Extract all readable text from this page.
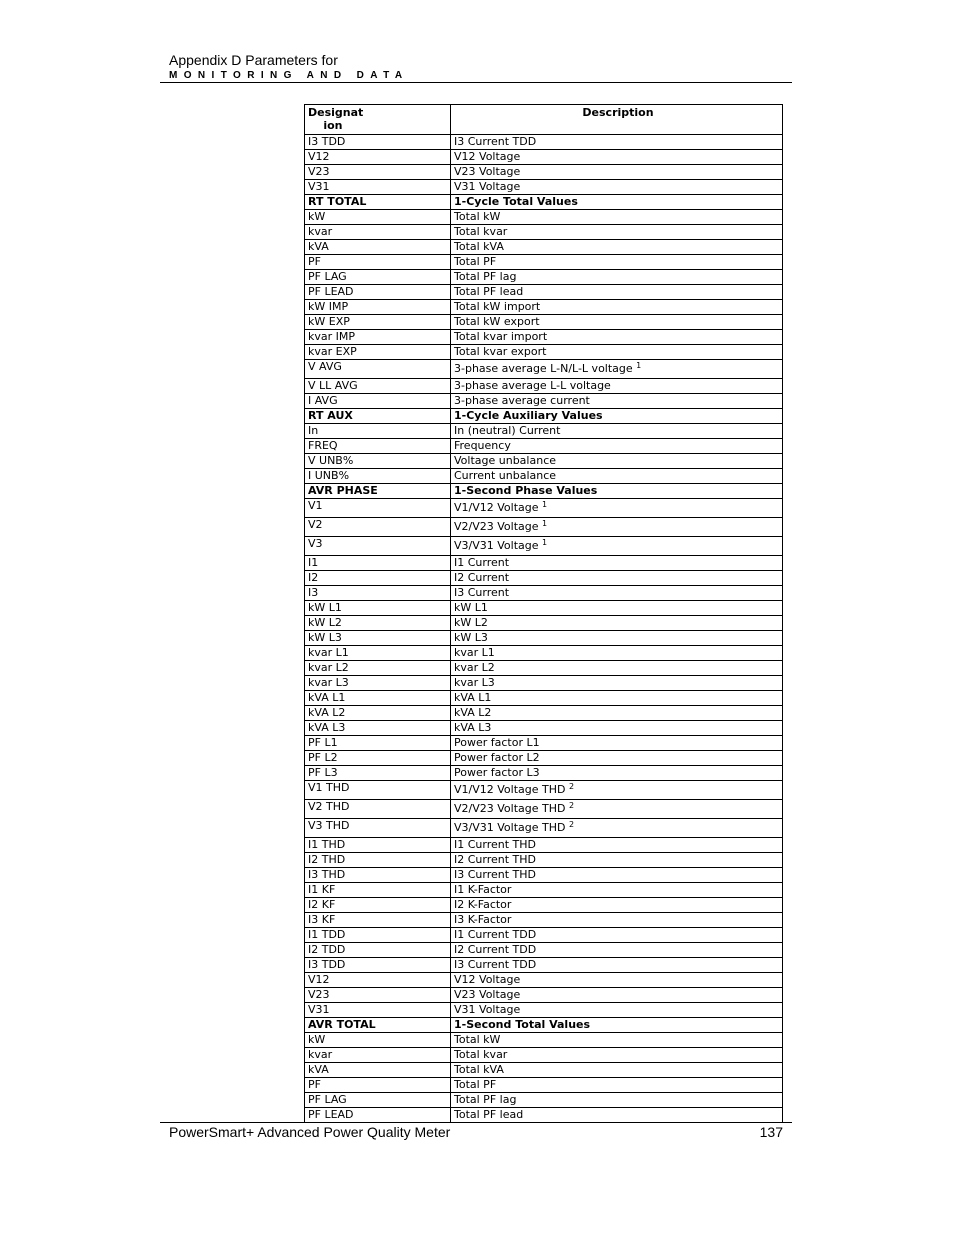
Appendix D Parameters for
MONITORING AND DATA
Designat
ion	Description
I3 TDD	I3 Current TDD
V12	V12 Voltage
V23	V23 Voltage
V31	V31 Voltage
RT TOTAL	1-Cycle Total Values
kW	Total kW
kvar	Total kvar
kVA	Total kVA
PF	Total PF
PF LAG	Total PF lag
PF LEAD	Total PF lead
kW IMP	Total kW import
kW EXP	Total kW export
kvar IMP	Total kvar import
kvar EXP	Total kvar export
V AVG	3-phase average L-N/L-L voltage $^1$
V LL AVG	3-phase average L-L voltage
I AVG	3-phase average current
RT AUX	1-Cycle Auxiliary Values
In	In (neutral) Current
FREQ	Frequency
V UNB%	Voltage unbalance
I UNB%	Current unbalance
AVR PHASE	1-Second Phase Values
V1	V1/V12 Voltage $^1$
V2	V2/V23 Voltage $^1$
V3	V3/V31 Voltage $^1$
I1	I1 Current
I2	I2 Current
I3	I3 Current
kW L1	kW L1
kW L2	kW L2
kW L3	kW L3
kvar L1	kvar L1
kvar L2	kvar L2
kvar L3	kvar L3
kVA L1	kVA L1
kVA L2	kVA L2
kVA L3	kVA L3
PF L1	Power factor L1
PF L2	Power factor L2
PF L3	Power factor L3
V1 THD	V1/V12 Voltage THD $^2$
V2 THD	V2/V23 Voltage THD $^2$
V3 THD	V3/V31 Voltage THD $^2$
I1 THD	I1 Current THD
I2 THD	I2 Current THD
I3 THD	I3 Current THD
I1 KF	I1 K-Factor
I2 KF	I2 K-Factor
I3 KF	I3 K-Factor
I1 TDD	I1 Current TDD
I2 TDD	I2 Current TDD
I3 TDD	I3 Current TDD
V12	V12 Voltage
V23	V23 Voltage
V31	V31 Voltage
AVR TOTAL	1-Second Total Values
kW	Total kW
kvar	Total kvar
kVA	Total kVA
PF	Total PF
PF LAG	Total PF lag
PF LEAD	Total PF lead
PowerSmart+ Advanced Power Quality Meter	137
